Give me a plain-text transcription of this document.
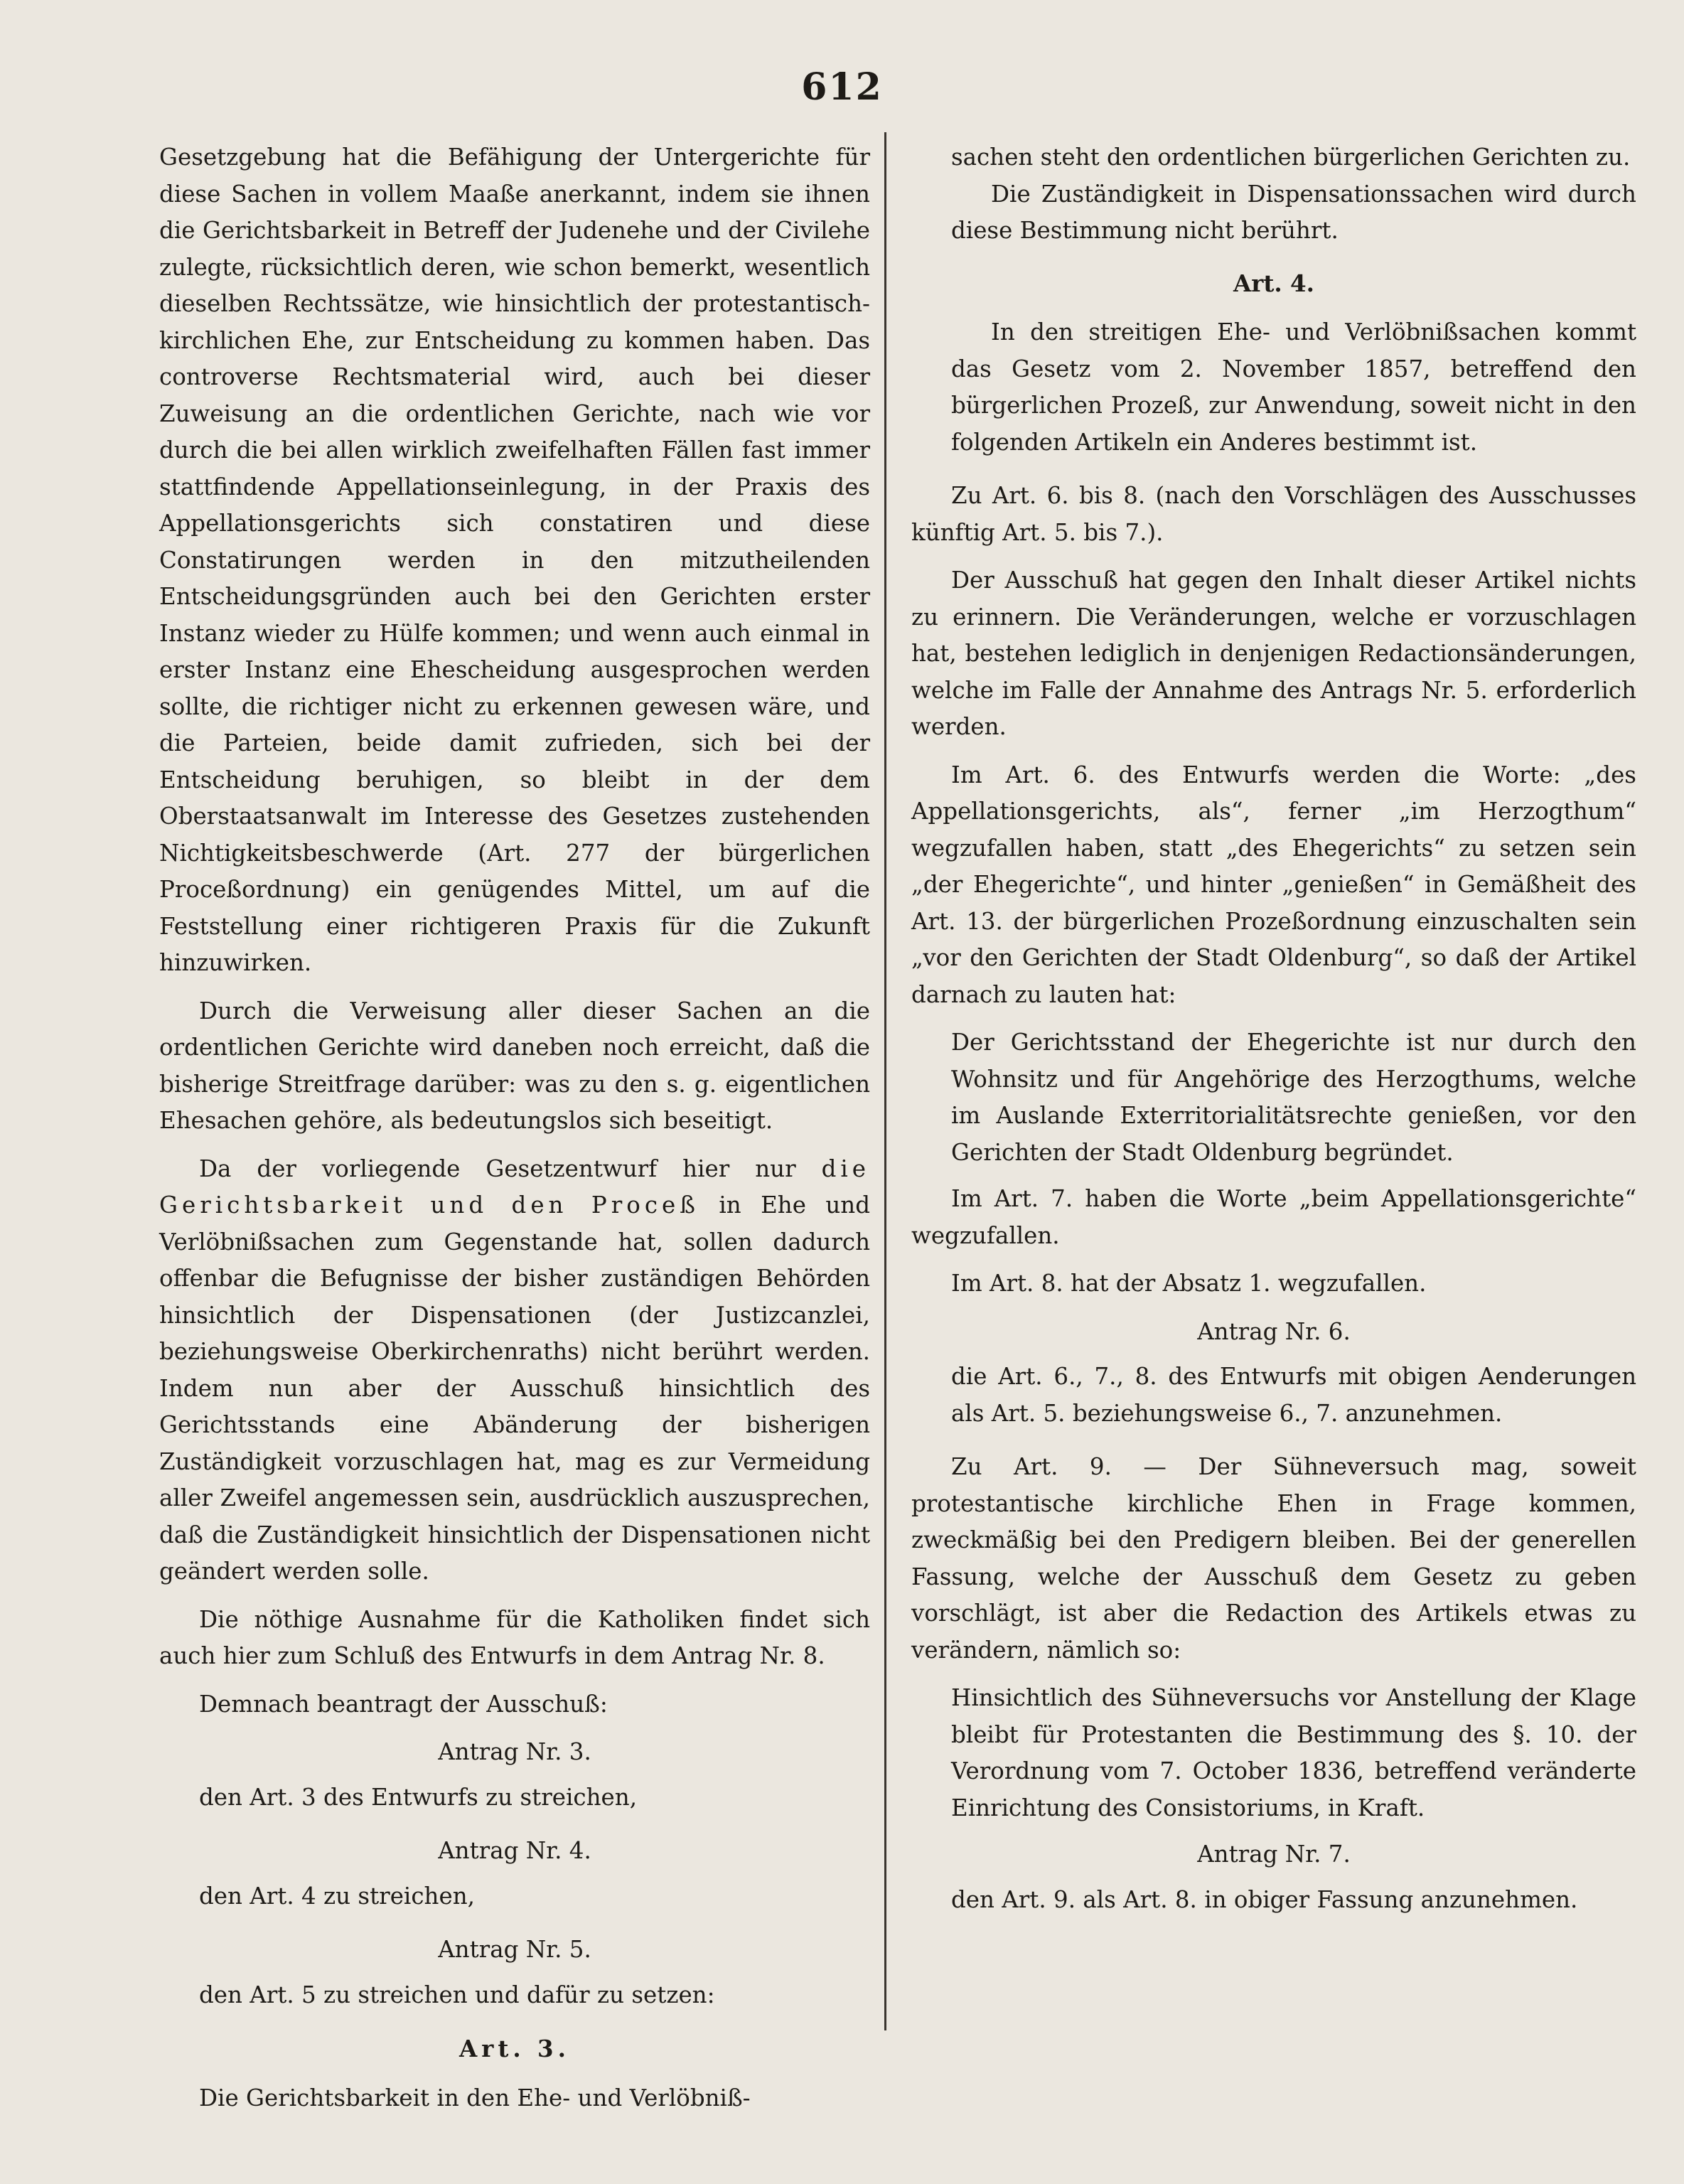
612

Gesetzgebung hat die Befähigung der Untergerichte für diese Sachen in vollem Maaße anerkannt, indem sie ihnen die Gerichtsbarkeit in Betreff der Judenehe und der Civilehe zulegte, rücksichtlich deren, wie schon bemerkt, wesentlich dieselben Rechtssätze, wie hinsichtlich der protestantisch-kirchlichen Ehe, zur Entscheidung zu kommen haben. Das controverse Rechtsmaterial wird, auch bei dieser Zuweisung an die ordentlichen Gerichte, nach wie vor durch die bei allen wirklich zweifelhaften Fällen fast immer stattfindende Appellationseinlegung, in der Praxis des Appellationsgerichts sich constatiren und diese Constatirungen werden in den mitzutheilenden Entscheidungsgründen auch bei den Gerichten erster Instanz wieder zu Hülfe kommen; und wenn auch einmal in erster Instanz eine Ehescheidung ausgesprochen werden sollte, die richtiger nicht zu erkennen gewesen wäre, und die Parteien, beide damit zufrieden, sich bei der Entscheidung beruhigen, so bleibt in der dem Oberstaatsanwalt im Interesse des Gesetzes zustehenden Nichtigkeitsbeschwerde (Art. 277 der bürgerlichen Proceßordnung) ein genügendes Mittel, um auf die Feststellung einer richtigeren Praxis für die Zukunft hinzuwirken.

Durch die Verweisung aller dieser Sachen an die ordentlichen Gerichte wird daneben noch erreicht, daß die bisherige Streitfrage darüber: was zu den s. g. eigentlichen Ehesachen gehöre, als bedeutungslos sich beseitigt.

Da der vorliegende Gesetzentwurf hier nur die Gerichtsbarkeit und den Proceß in Ehe und Verlöbnißsachen zum Gegenstande hat, sollen dadurch offenbar die Befugnisse der bisher zuständigen Behörden hinsichtlich der Dispensationen (der Justizcanzlei, beziehungsweise Oberkirchenraths) nicht berührt werden. Indem nun aber der Ausschuß hinsichtlich des Gerichtsstands eine Abänderung der bisherigen Zuständigkeit vorzuschlagen hat, mag es zur Vermeidung aller Zweifel angemessen sein, ausdrücklich auszusprechen, daß die Zuständigkeit hinsichtlich der Dispensationen nicht geändert werden solle.

Die nöthige Ausnahme für die Katholiken findet sich auch hier zum Schluß des Entwurfs in dem Antrag Nr. 8.

Demnach beantragt der Ausschuß:

Antrag Nr. 3.

den Art. 3 des Entwurfs zu streichen,

Antrag Nr. 4.

den Art. 4 zu streichen,

Antrag Nr. 5.

den Art. 5 zu streichen und dafür zu setzen:

Art. 3.

Die Gerichtsbarkeit in den Ehe- und Verlöbniß-

sachen steht den ordentlichen bürgerlichen Gerichten zu.

Die Zuständigkeit in Dispensationssachen wird durch diese Bestimmung nicht berührt.

Art. 4.

In den streitigen Ehe- und Verlöbnißsachen kommt das Gesetz vom 2. November 1857, betreffend den bürgerlichen Prozeß, zur Anwendung, soweit nicht in den folgenden Artikeln ein Anderes bestimmt ist.

Zu Art. 6. bis 8. (nach den Vorschlägen des Ausschusses künftig Art. 5. bis 7.).

Der Ausschuß hat gegen den Inhalt dieser Artikel nichts zu erinnern. Die Veränderungen, welche er vorzuschlagen hat, bestehen lediglich in denjenigen Redactionsänderungen, welche im Falle der Annahme des Antrags Nr. 5. erforderlich werden.

Im Art. 6. des Entwurfs werden die Worte: „des Appellationsgerichts, als“, ferner „im Herzogthum“ wegzufallen haben, statt „des Ehegerichts“ zu setzen sein „der Ehegerichte“, und hinter „genießen“ in Gemäßheit des Art. 13. der bürgerlichen Prozeßordnung einzuschalten sein „vor den Gerichten der Stadt Oldenburg“, so daß der Artikel darnach zu lauten hat:

Der Gerichtsstand der Ehegerichte ist nur durch den Wohnsitz und für Angehörige des Herzogthums, welche im Auslande Exterritorialitätsrechte genießen, vor den Gerichten der Stadt Oldenburg begründet.

Im Art. 7. haben die Worte „beim Appellationsgerichte“ wegzufallen.

Im Art. 8. hat der Absatz 1. wegzufallen.

Antrag Nr. 6.

die Art. 6., 7., 8. des Entwurfs mit obigen Aenderungen als Art. 5. beziehungsweise 6., 7. anzunehmen.

Zu Art. 9. — Der Sühneversuch mag, soweit protestantische kirchliche Ehen in Frage kommen, zweckmäßig bei den Predigern bleiben. Bei der generellen Fassung, welche der Ausschuß dem Gesetz zu geben vorschlägt, ist aber die Redaction des Artikels etwas zu verändern, nämlich so:

Hinsichtlich des Sühneversuchs vor Anstellung der Klage bleibt für Protestanten die Bestimmung des §. 10. der Verordnung vom 7. October 1836, betreffend veränderte Einrichtung des Consistoriums, in Kraft.

Antrag Nr. 7.

den Art. 9. als Art. 8. in obiger Fassung anzunehmen.
